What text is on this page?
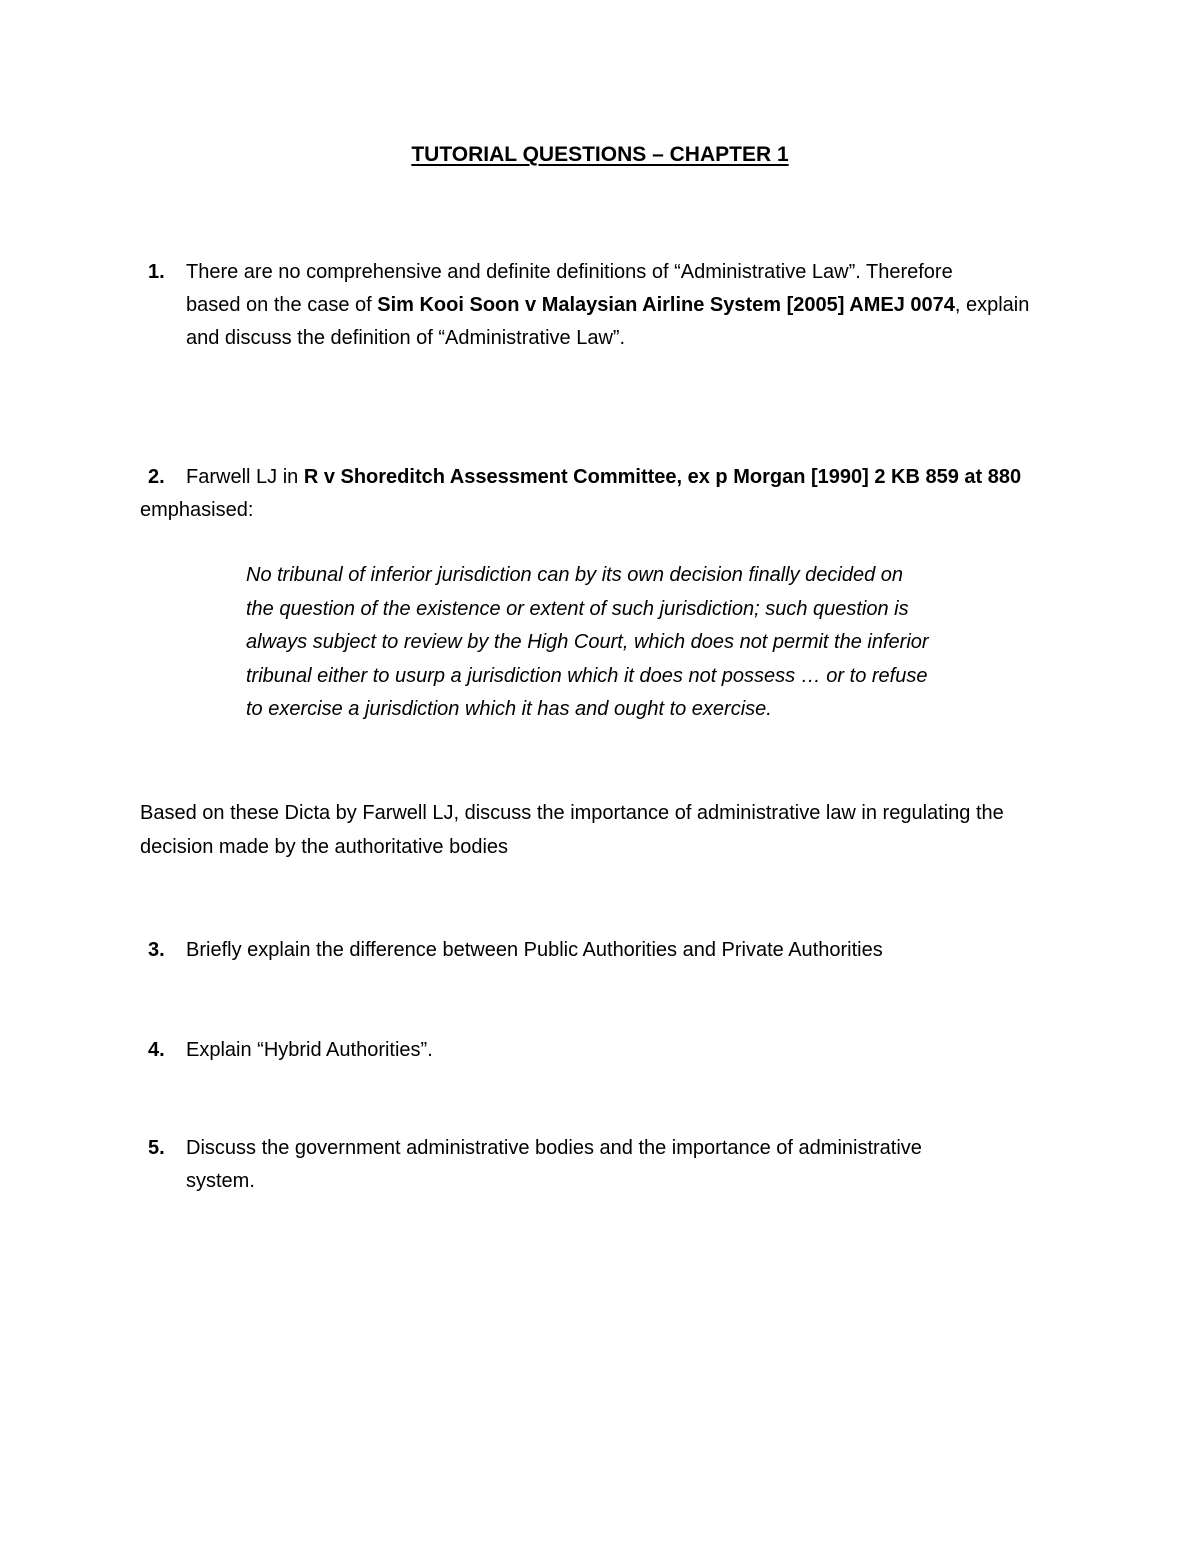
TUTORIAL QUESTIONS – CHAPTER 1
1.	There are no comprehensive and definite definitions of “Administrative Law”. Therefore
based on the case of Sim Kooi Soon v Malaysian Airline System [2005] AMEJ 0074, explain
and discuss the definition of “Administrative Law”.
2.	Farwell LJ in R v Shoreditch Assessment Committee, ex p Morgan [1990] 2 KB 859 at 880
emphasised:
No tribunal of inferior jurisdiction can by its own decision finally decided on
the question of the existence or extent of such jurisdiction; such question is
always subject to review by the High Court, which does not permit the inferior
tribunal either to usurp a jurisdiction which it does not possess … or to refuse
to exercise a jurisdiction which it has and ought to exercise.
Based on these Dicta by Farwell LJ, discuss the importance of administrative law in regulating the
decision made by the authoritative bodies
3.	Briefly explain the difference between Public Authorities and Private Authorities
4.	Explain “Hybrid Authorities”.
5.	Discuss the government administrative bodies and the importance of administrative
system.
